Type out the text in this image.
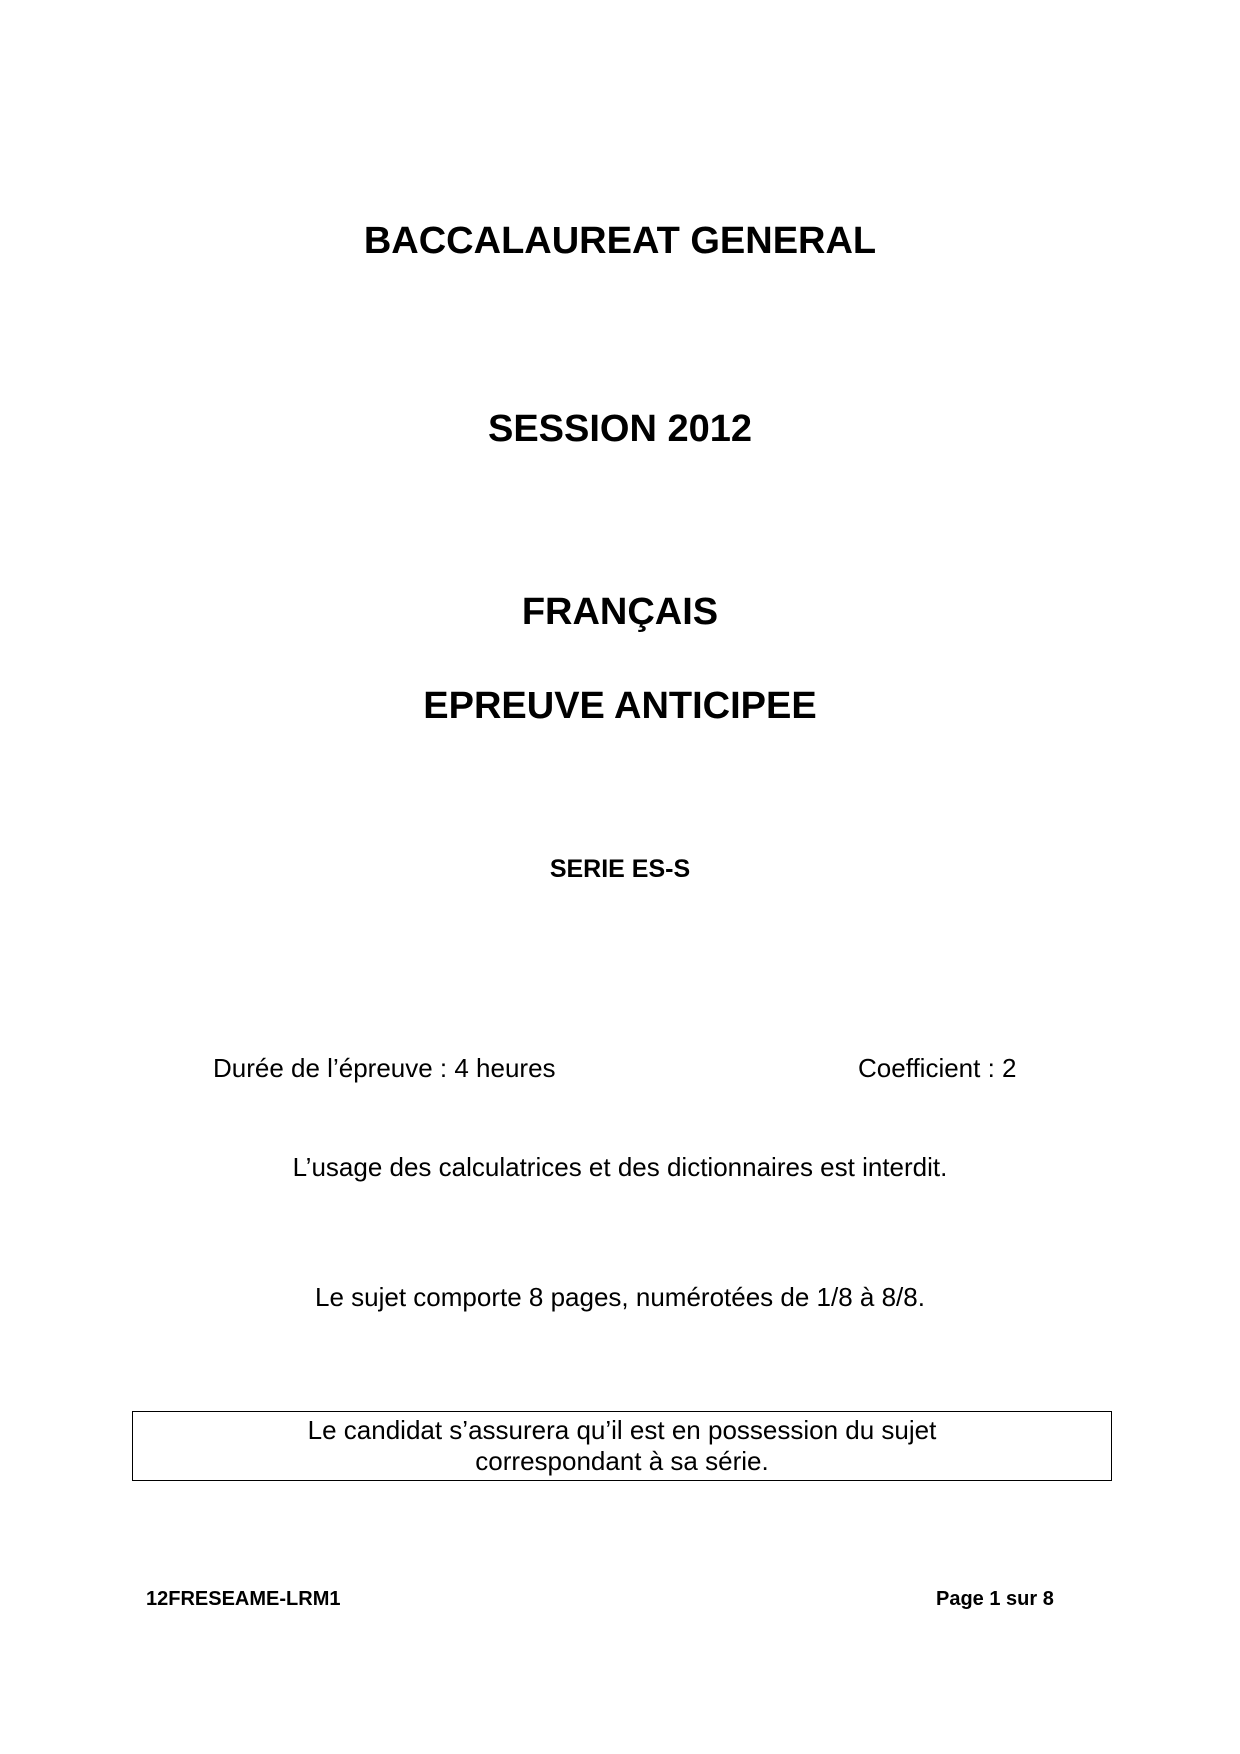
BACCALAUREAT GENERAL
SESSION 2012
FRANÇAIS
EPREUVE ANTICIPEE
SERIE ES-S
Durée de l’épreuve : 4 heures	Coefficient : 2
L’usage des calculatrices et des dictionnaires est interdit.
Le sujet comporte 8 pages, numérotées de 1/8 à 8/8.
Le candidat s’assurera qu’il est en possession du sujet
correspondant à sa série.
12FRESEAME-LRM1	Page 1 sur 8
